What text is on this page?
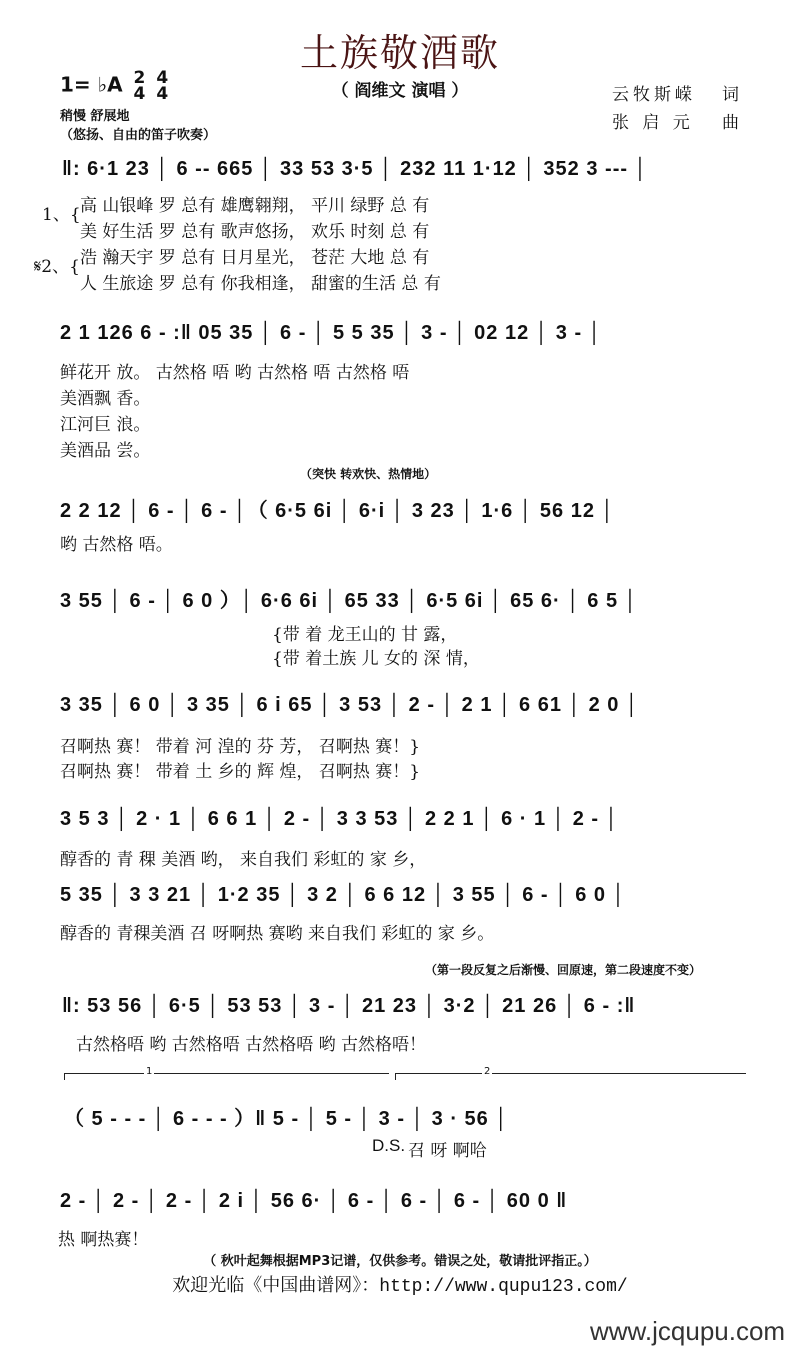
土族敬酒歌
（ 阎维文 演唱 ）
1= ♭A 2
4 4
4
稍慢 舒展地
（悠扬、自由的笛子吹奏）
云牧斯嵘 词
张 启 元 曲
‖: 6·1 23 │ 6 -- 665 │ 33 53 3·5 │ 232 11 1·12 │ 352 3 --- │
1、{
𝄋2、{
高 山银峰 罗 总有 雄鹰翱翔， 平川 绿野 总 有
美 好生活 罗 总有 歌声悠扬， 欢乐 时刻 总 有
浩 瀚天宇 罗 总有 日月星光， 苍茫 大地 总 有
人 生旅途 罗 总有 你我相逢， 甜蜜的生活 总 有
2 1 126 6 - :‖ 05 35 │ 6 - │ 5 5 35 │ 3 - │ 02 12 │ 3 - │
鲜花开 放。 古然格 唔 哟 古然格 唔 古然格 唔
美酒飘 香。
江河巨 浪。
美酒品 尝。
（突快 转欢快、热情地）
2 2 12 │ 6 - │ 6 - │（ 6·5 6i │ 6·i │ 3 23 │ 1·6 │ 56 12 │
哟 古然格 唔。
3 55 │ 6 - │ 6 0 ）│ 6·6 6i │ 65 33 │ 6·5 6i │ 65 6· │ 6 5 │
{带 着 龙王山的 甘 露，
{带 着土族 儿 女的 深 情，
3 35 │ 6 0 │ 3 35 │ 6 i 65 │ 3 53 │ 2 - │ 2 1 │ 6 61 │ 2 0 │
召啊热 赛！ 带着 河 湟的 芬 芳， 召啊热 赛！}
召啊热 赛！ 带着 土 乡的 辉 煌， 召啊热 赛！}
3 5 3 │ 2 · 1 │ 6 6 1 │ 2 - │ 3 3 53 │ 2 2 1 │ 6 · 1 │ 2 - │
醇香的 青 稞 美酒 哟， 来自我们 彩虹的 家 乡，
5 35 │ 3 3 21 │ 1·2 35 │ 3 2 │ 6 6 12 │ 3 55 │ 6 - │ 6 0 │
醇香的 青稞美酒 召 呀啊热 赛哟 来自我们 彩虹的 家 乡。
（第一段反复之后渐慢、回原速，第二段速度不变）
‖: 53 56 │ 6·5 │ 53 53 │ 3 - │ 21 23 │ 3·2 │ 21 26 │ 6 - :‖
古然格唔 哟 古然格唔 古然格唔 哟 古然格唔！
1	2
（ 5 - - - │ 6 - - - ）‖ 5 - │ 5 - │ 3 - │ 3 · 56 │
D.S. 召 呀 啊哈
2 - │ 2 - │ 2 - │ 2 i │ 56 6· │ 6 - │ 6 - │ 6 - │ 60 0 ‖
热 啊热赛！
（ 秋叶起舞根据MP3记谱，仅供参考。错误之处，敬请批评指正。）
欢迎光临《中国曲谱网》：http://www.qupu123.com/
www.jcqupu.com
